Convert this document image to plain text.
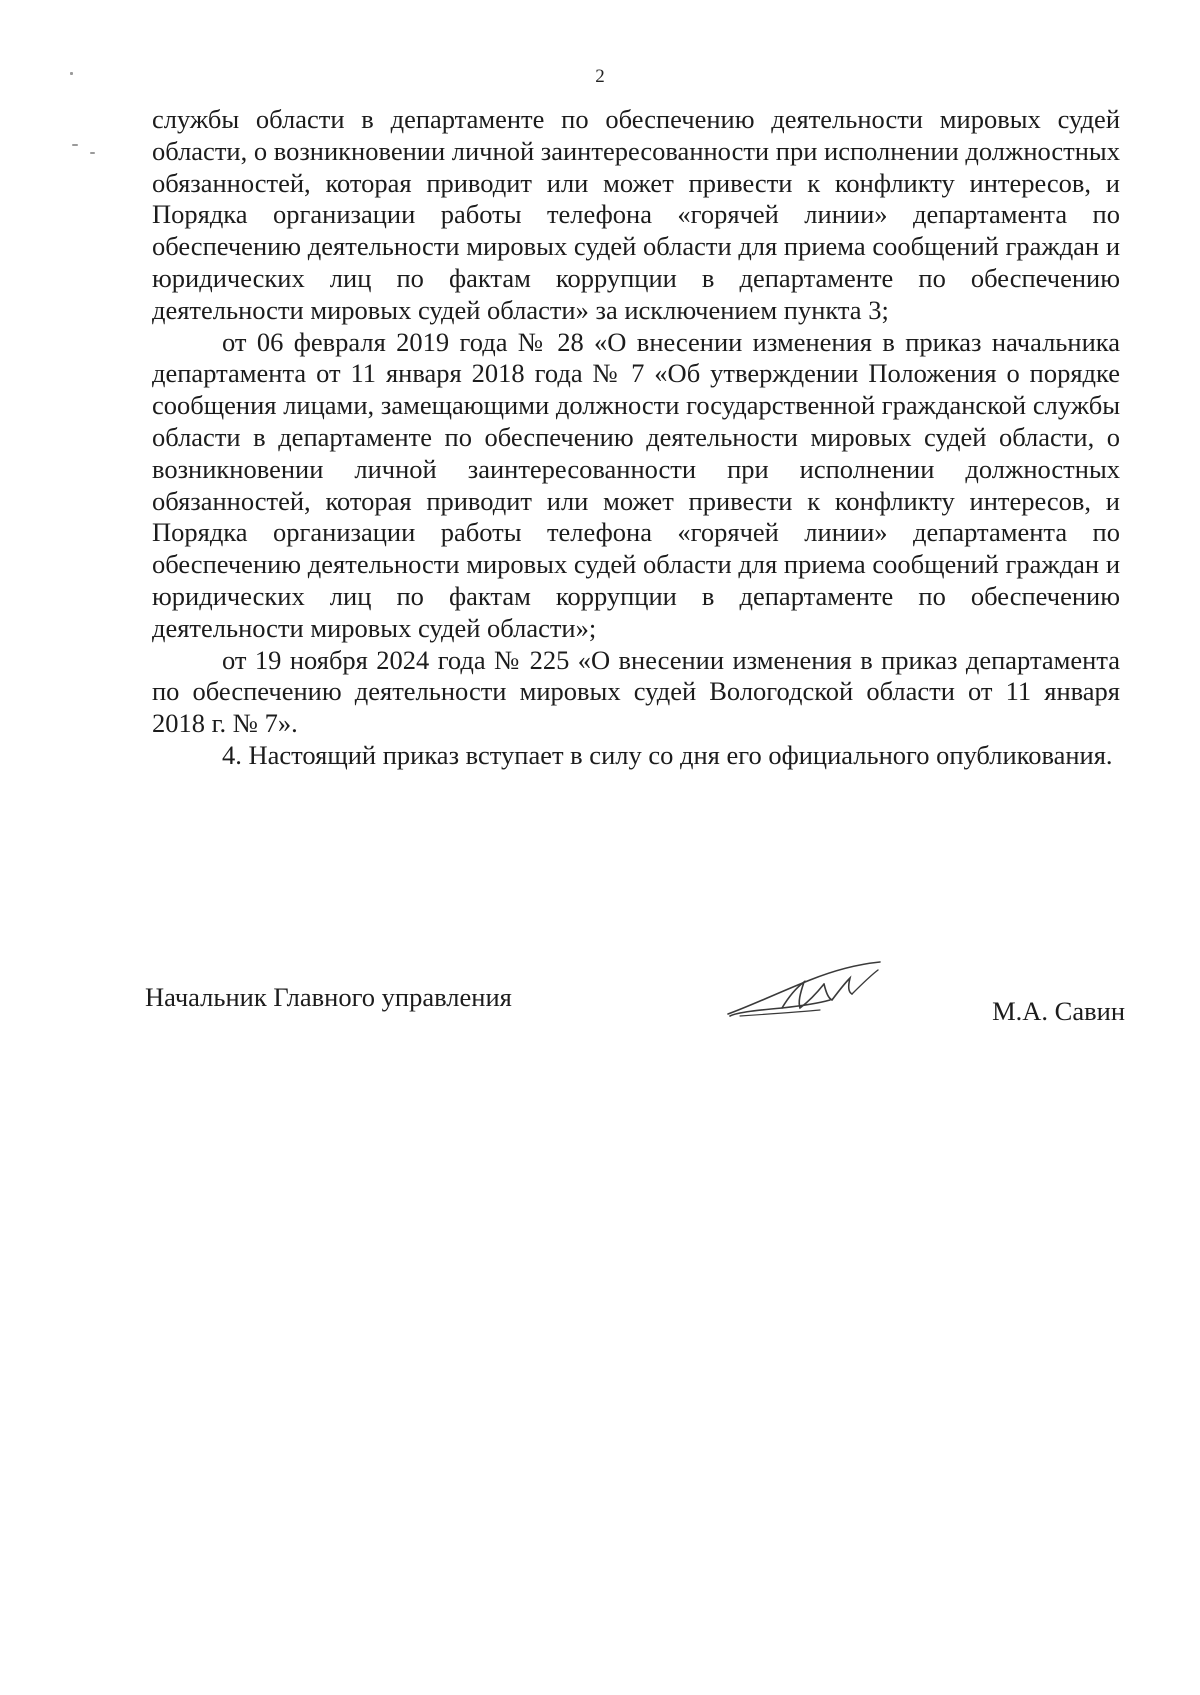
2

службы области в департаменте по обеспечению деятельности мировых судей области, о возникновении личной заинтересованности при исполнении должностных обязанностей, которая приводит или может привести к конфликту интересов, и Порядка организации работы телефона «горячей линии» департамента по обеспечению деятельности мировых судей области для приема сообщений граждан и юридических лиц по фактам коррупции в департаменте по обеспечению деятельности мировых судей области» за исключением пункта 3;

от 06 февраля 2019 года № 28 «О внесении изменения в приказ начальника департамента от 11 января 2018 года № 7 «Об утверждении Положения о порядке сообщения лицами, замещающими должности государственной гражданской службы области в департаменте по обеспечению деятельности мировых судей области, о возникновении личной заинтересованности при исполнении должностных обязанностей, которая приводит или может привести к конфликту интересов, и Порядка организации работы телефона «горячей линии» департамента по обеспечению деятельности мировых судей области для приема сообщений граждан и юридических лиц по фактам коррупции в департаменте по обеспечению деятельности мировых судей области»;

от 19 ноября 2024 года № 225 «О внесении изменения в приказ департамента по обеспечению деятельности мировых судей Вологодской области от 11 января 2018 г. № 7».

4. Настоящий приказ вступает в силу со дня его официального опубликования.

Начальник Главного управления	М.А. Савин
